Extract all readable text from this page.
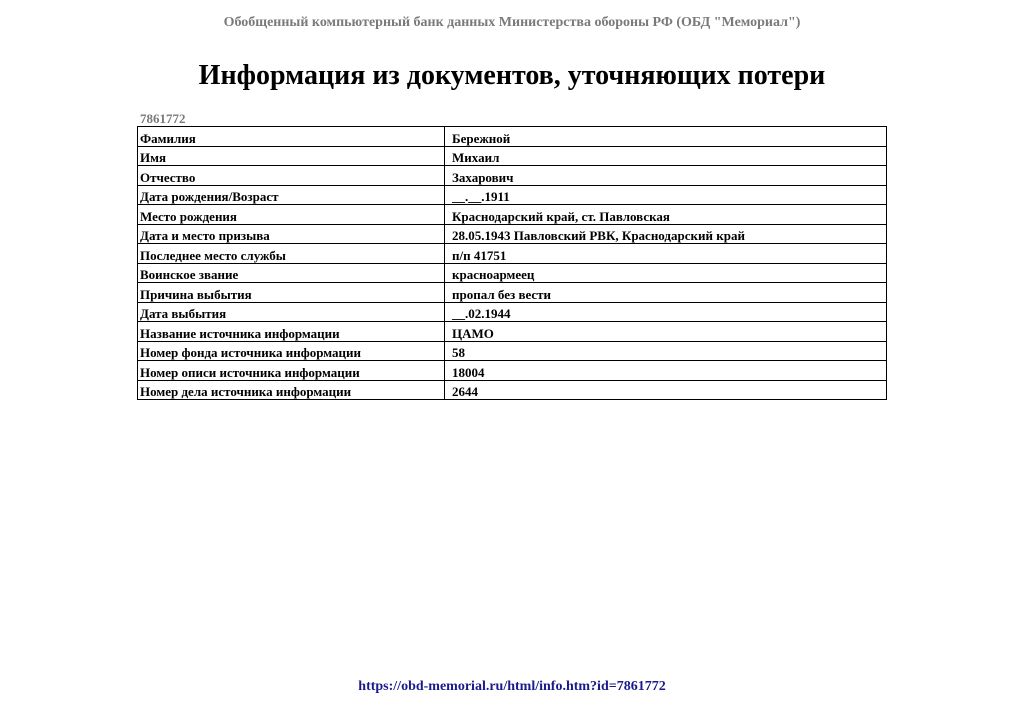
Обобщенный компьютерный банк данных Министерства обороны РФ (ОБД "Мемориал")
Информация из документов, уточняющих потери
7861772
Фамилия	Бережной
Имя	Михаил
Отчество	Захарович
Дата рождения/Возраст	__.__.1911
Место рождения	Краснодарский край, ст. Павловская
Дата и место призыва	28.05.1943 Павловский РВК, Краснодарский край
Последнее место службы	п/п 41751
Воинское звание	красноармеец
Причина выбытия	пропал без вести
Дата выбытия	__.02.1944
Название источника информации	ЦАМО
Номер фонда источника информации	58
Номер описи источника информации	18004
Номер дела источника информации	2644
https://obd-memorial.ru/html/info.htm?id=7861772
